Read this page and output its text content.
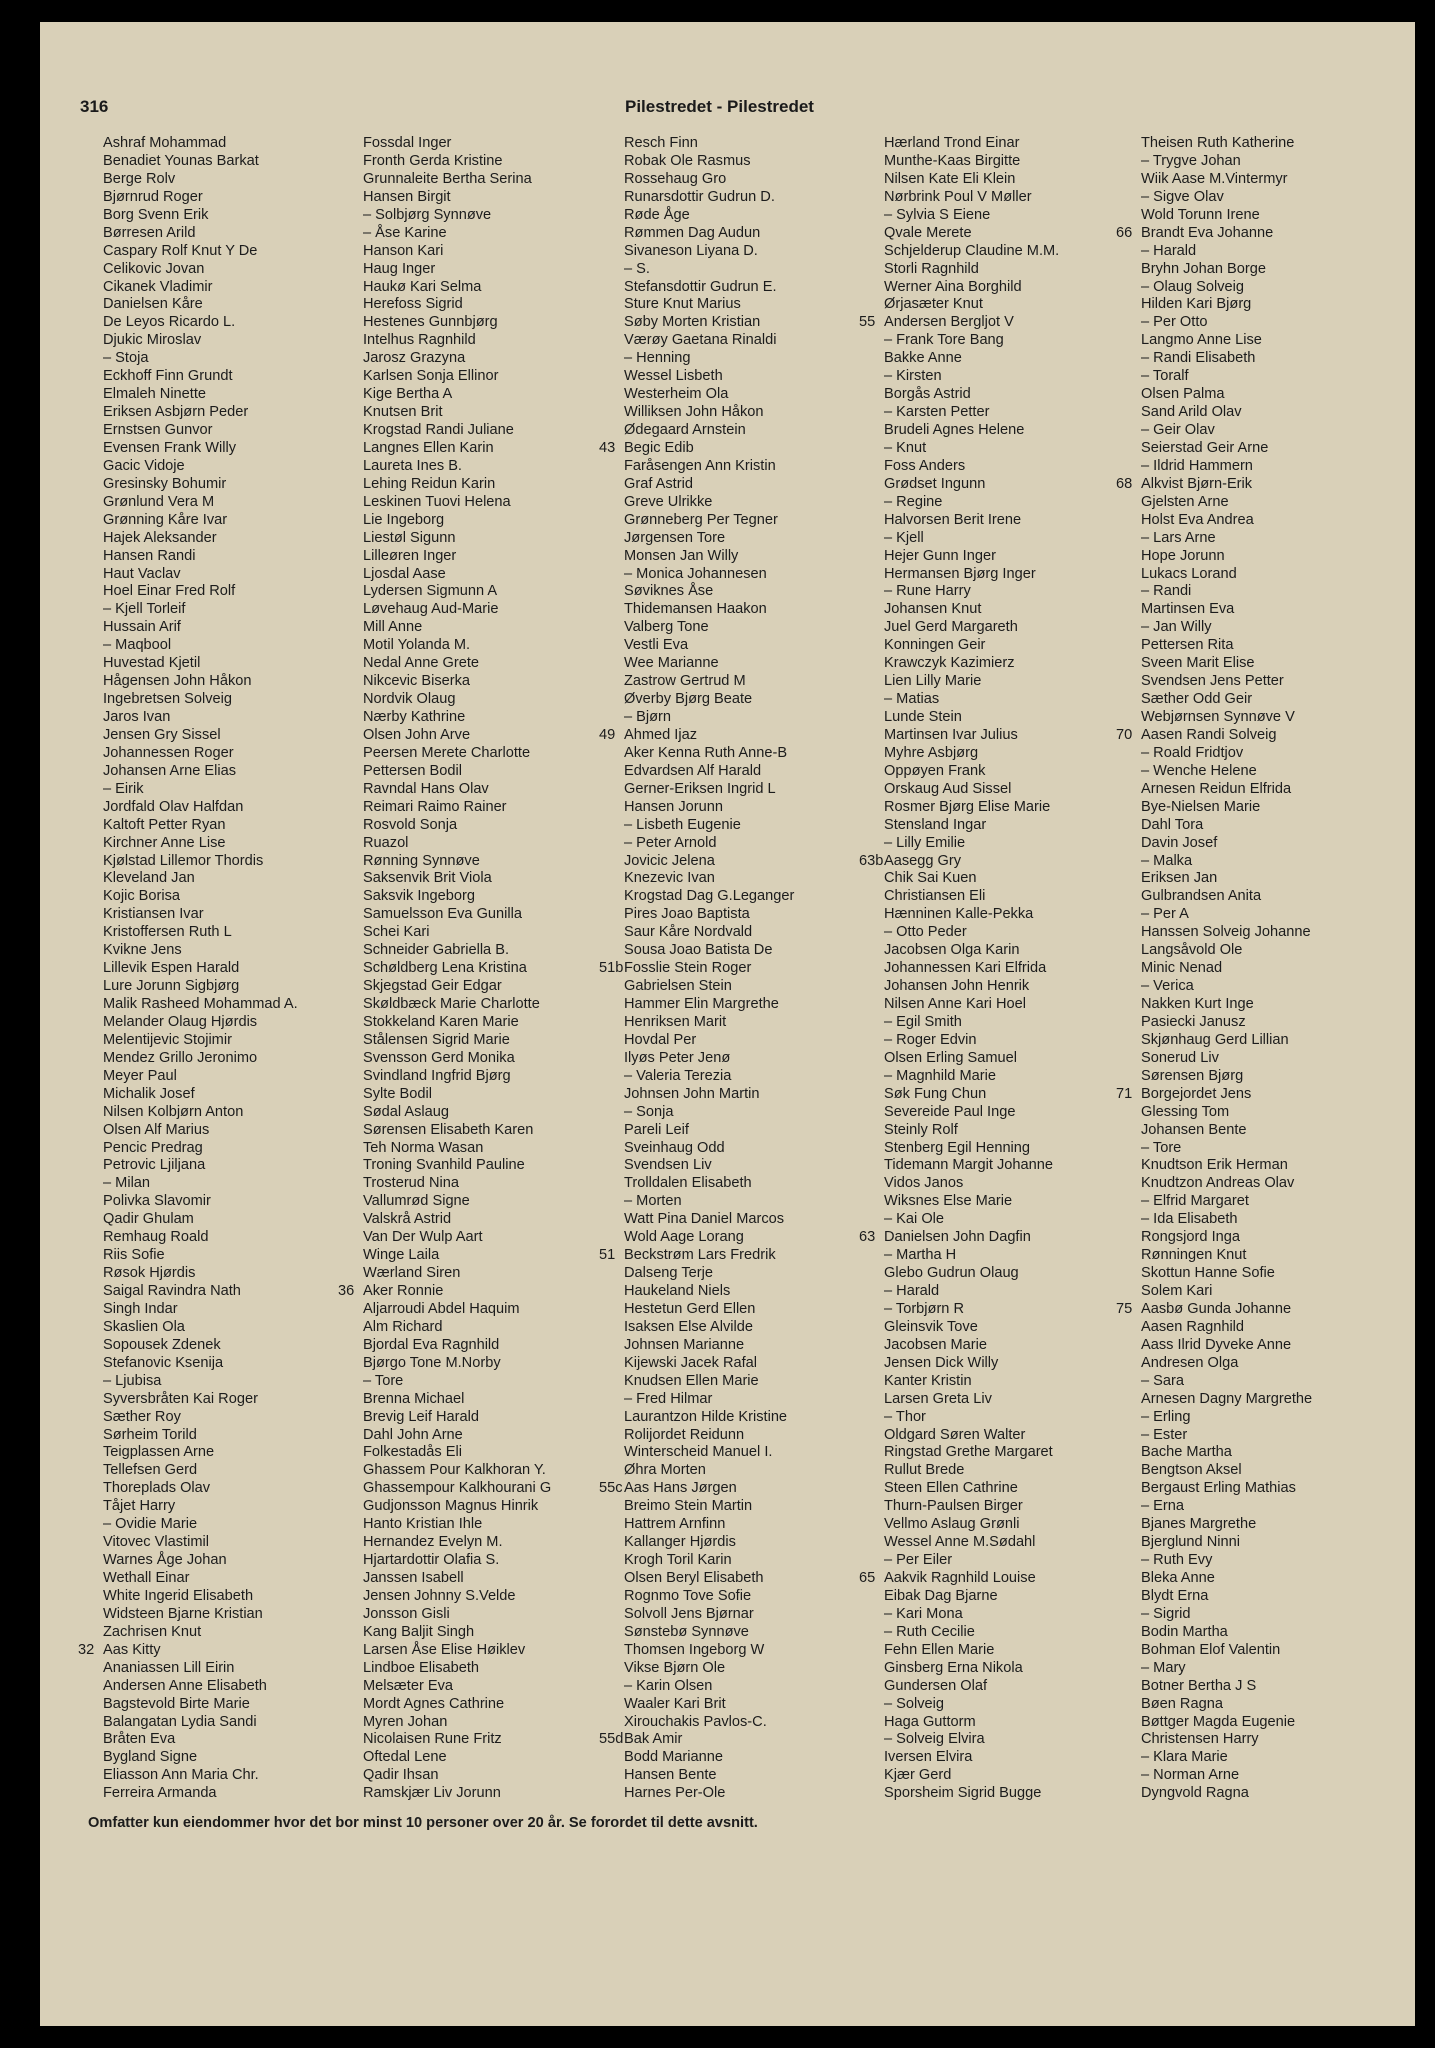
316	Pilestredet - Pilestredet
Ashraf Mohammad
Benadiet Younas Barkat
Berge Rolv
Bjørnrud Roger
Borg Svenn Erik
Børresen Arild
Caspary Rolf Knut Y De
Celikovic Jovan
Cikanek Vladimir
Danielsen Kåre
De Leyos Ricardo L.
Djukic Miroslav
– Stoja
Eckhoff Finn Grundt
Elmaleh Ninette
Eriksen Asbjørn Peder
Ernstsen Gunvor
Evensen Frank Willy
Gacic Vidoje
Gresinsky Bohumir
Grønlund Vera M
Grønning Kåre Ivar
Hajek Aleksander
Hansen Randi
Haut Vaclav
Hoel Einar Fred Rolf
– Kjell Torleif
Hussain Arif
– Maqbool
Huvestad Kjetil
Hågensen John Håkon
Ingebretsen Solveig
Jaros Ivan
Jensen Gry Sissel
Johannessen Roger
Johansen Arne Elias
– Eirik
Jordfald Olav Halfdan
Kaltoft Petter Ryan
Kirchner Anne Lise
Kjølstad Lillemor Thordis
Kleveland Jan
Kojic Borisa
Kristiansen Ivar
Kristoffersen Ruth L
Kvikne Jens
Lillevik Espen Harald
Lure Jorunn Sigbjørg
Malik Rasheed Mohammad A.
Melander Olaug Hjørdis
Melentijevic Stojimir
Mendez Grillo Jeronimo
Meyer Paul
Michalik Josef
Nilsen Kolbjørn Anton
Olsen Alf Marius
Pencic Predrag
Petrovic Ljiljana
– Milan
Polivka Slavomir
Qadir Ghulam
Remhaug Roald
Riis Sofie
Røsok Hjørdis
Saigal Ravindra Nath
Singh Indar
Skaslien Ola
Sopousek Zdenek
Stefanovic Ksenija
– Ljubisa
Syversbråten Kai Roger
Sæther Roy
Sørheim Torild
Teigplassen Arne
Tellefsen Gerd
Thoreplads Olav
Tåjet Harry
– Ovidie Marie
Vitovec Vlastimil
Warnes Åge Johan
Wethall Einar
White Ingerid Elisabeth
Widsteen Bjarne Kristian
Zachrisen Knut
32 Aas Kitty
Ananiassen Lill Eirin
Andersen Anne Elisabeth
Bagstevold Birte Marie
Balangatan Lydia Sandi
Bråten Eva
Bygland Signe
Eliasson Ann Maria Chr.
Ferreira Armanda
Fossdal Inger
Fronth Gerda Kristine
Grunnaleite Bertha Serina
Hansen Birgit
– Solbjørg Synnøve
– Åse Karine
Hanson Kari
Haug Inger
Haukø Kari Selma
Herefoss Sigrid
Hestenes Gunnbjørg
Intelhus Ragnhild
Jarosz Grazyna
Karlsen Sonja Ellinor
Kige Bertha A
Knutsen Brit
Krogstad Randi Juliane
Langnes Ellen Karin
Laureta Ines B.
Lehing Reidun Karin
Leskinen Tuovi Helena
Lie Ingeborg
Liestøl Sigunn
Lilleøren Inger
Ljosdal Aase
Lydersen Sigmunn A
Løvehaug Aud-Marie
Mill Anne
Motil Yolanda M.
Nedal Anne Grete
Nikcevic Biserka
Nordvik Olaug
Nærby Kathrine
Olsen John Arve
Peersen Merete Charlotte
Pettersen Bodil
Ravndal Hans Olav
Reimari Raimo Rainer
Rosvold Sonja
Ruazol
Rønning Synnøve
Saksenvik Brit Viola
Saksvik Ingeborg
Samuelsson Eva Gunilla
Schei Kari
Schneider Gabriella B.
Schøldberg Lena Kristina
Skjegstad Geir Edgar
Skøldbæck Marie Charlotte
Stokkeland Karen Marie
Stålensen Sigrid Marie
Svensson Gerd Monika
Svindland Ingfrid Bjørg
Sylte Bodil
Sødal Aslaug
Sørensen Elisabeth Karen
Teh Norma Wasan
Troning Svanhild Pauline
Trosterud Nina
Vallumrød Signe
Valskrå Astrid
Van Der Wulp Aart
Winge Laila
Wærland Siren
36 Aker Ronnie
Aljarroudi Abdel Haquim
Alm Richard
Bjordal Eva Ragnhild
Bjørgo Tone M.Norby
– Tore
Brenna Michael
Brevig Leif Harald
Dahl John Arne
Folkestadås Eli
Ghassem Pour Kalkhoran Y.
Ghassempour Kalkhourani G
Gudjonsson Magnus Hinrik
Hanto Kristian Ihle
Hernandez Evelyn M.
Hjartardottir Olafia S.
Janssen Isabell
Jensen Johnny S.Velde
Jonsson Gisli
Kang Baljit Singh
Larsen Åse Elise Høiklev
Lindboe Elisabeth
Melsæter Eva
Mordt Agnes Cathrine
Myren Johan
Nicolaisen Rune Fritz
Oftedal Lene
Qadir Ihsan
Ramskjær Liv Jorunn
Resch Finn
Robak Ole Rasmus
Rossehaug Gro
Runarsdottir Gudrun D.
Røde Åge
Rømmen Dag Audun
Sivaneson Liyana D.
– S.
Stefansdottir Gudrun E.
Sture Knut Marius
Søby Morten Kristian
Værøy Gaetana Rinaldi
– Henning
Wessel Lisbeth
Westerheim Ola
Williksen John Håkon
Ødegaard Arnstein
43 Begic Edib
Faråsengen Ann Kristin
Graf Astrid
Greve Ulrikke
Grønneberg Per Tegner
Jørgensen Tore
Monsen Jan Willy
– Monica Johannesen
Søviknes Åse
Thidemansen Haakon
Valberg Tone
Vestli Eva
Wee Marianne
Zastrow Gertrud M
Øverby Bjørg Beate
– Bjørn
49 Ahmed Ijaz
Aker Kenna Ruth Anne-B
Edvardsen Alf Harald
Gerner-Eriksen Ingrid L
Hansen Jorunn
– Lisbeth Eugenie
– Peter Arnold
Jovicic Jelena
Knezevic Ivan
Krogstad Dag G.Leganger
Pires Joao Baptista
Saur Kåre Nordvald
Sousa Joao Batista De
51b Fosslie Stein Roger
Gabrielsen Stein
Hammer Elin Margrethe
Henriksen Marit
Hovdal Per
Ilyøs Peter Jenø
– Valeria Terezia
Johnsen John Martin
– Sonja
Pareli Leif
Sveinhaug Odd
Svendsen Liv
Trolldalen Elisabeth
– Morten
Watt Pina Daniel Marcos
Wold Aage Lorang
51 Beckstrøm Lars Fredrik
Dalseng Terje
Haukeland Niels
Hestetun Gerd Ellen
Isaksen Else Alvilde
Johnsen Marianne
Kijewski Jacek Rafal
Knudsen Ellen Marie
– Fred Hilmar
Laurantzon Hilde Kristine
Rolijordet Reidunn
Winterscheid Manuel I.
Øhra Morten
55c Aas Hans Jørgen
Breimo Stein Martin
Hattrem Arnfinn
Kallanger Hjørdis
Krogh Toril Karin
Olsen Beryl Elisabeth
Rognmo Tove Sofie
Solvoll Jens Bjørnar
Sønstebø Synnøve
Thomsen Ingeborg W
Vikse Bjørn Ole
– Karin Olsen
Waaler Kari Brit
Xirouchakis Pavlos-C.
55d Bak Amir
Bodd Marianne
Hansen Bente
Harnes Per-Ole
Hærland Trond Einar
Munthe-Kaas Birgitte
Nilsen Kate Eli Klein
Nørbrink Poul V Møller
– Sylvia S Eiene
Qvale Merete
Schjelderup Claudine M.M.
Storli Ragnhild
Werner Aina Borghild
Ørjasæter Knut
55 Andersen Bergljot V
– Frank Tore Bang
Bakke Anne
– Kirsten
Borgås Astrid
– Karsten Petter
Brudeli Agnes Helene
– Knut
Foss Anders
Grødset Ingunn
– Regine
Halvorsen Berit Irene
– Kjell
Hejer Gunn Inger
Hermansen Bjørg Inger
– Rune Harry
Johansen Knut
Juel Gerd Margareth
Konningen Geir
Krawczyk Kazimierz
Lien Lilly Marie
– Matias
Lunde Stein
Martinsen Ivar Julius
Myhre Asbjørg
Oppøyen Frank
Orskaug Aud Sissel
Rosmer Bjørg Elise Marie
Stensland Ingar
– Lilly Emilie
63b Aasegg Gry
Chik Sai Kuen
Christiansen Eli
Hænninen Kalle-Pekka
– Otto Peder
Jacobsen Olga Karin
Johannessen Kari Elfrida
Johansen John Henrik
Nilsen Anne Kari Hoel
– Egil Smith
– Roger Edvin
Olsen Erling Samuel
– Magnhild Marie
Søk Fung Chun
Severeide Paul Inge
Steinly Rolf
Stenberg Egil Henning
Tidemann Margit Johanne
Vidos Janos
Wiksnes Else Marie
– Kai Ole
63 Danielsen John Dagfin
– Martha H
Glebo Gudrun Olaug
– Harald
– Torbjørn R
Gleinsvik Tove
Jacobsen Marie
Jensen Dick Willy
Kanter Kristin
Larsen Greta Liv
– Thor
Oldgard Søren Walter
Ringstad Grethe Margaret
Rullut Brede
Steen Ellen Cathrine
Thurn-Paulsen Birger
Vellmo Aslaug Grønli
Wessel Anne M.Sødahl
– Per Eiler
65 Aakvik Ragnhild Louise
Eibak Dag Bjarne
– Kari Mona
– Ruth Cecilie
Fehn Ellen Marie
Ginsberg Erna Nikola
Gundersen Olaf
– Solveig
Haga Guttorm
– Solveig Elvira
Iversen Elvira
Kjær Gerd
Sporsheim Sigrid Bugge
Theisen Ruth Katherine
– Trygve Johan
Wiik Aase M.Vintermyr
– Sigve Olav
Wold Torunn Irene
66 Brandt Eva Johanne
– Harald
Bryhn Johan Borge
– Olaug Solveig
Hilden Kari Bjørg
– Per Otto
Langmo Anne Lise
– Randi Elisabeth
– Toralf
Olsen Palma
Sand Arild Olav
– Geir Olav
Seierstad Geir Arne
– Ildrid Hammern
68 Alkvist Bjørn-Erik
Gjelsten Arne
Holst Eva Andrea
– Lars Arne
Hope Jorunn
Lukacs Lorand
– Randi
Martinsen Eva
– Jan Willy
Pettersen Rita
Sveen Marit Elise
Svendsen Jens Petter
Sæther Odd Geir
Webjørnsen Synnøve V
70 Aasen Randi Solveig
– Roald Fridtjov
– Wenche Helene
Arnesen Reidun Elfrida
Bye-Nielsen Marie
Dahl Tora
Davin Josef
– Malka
Eriksen Jan
Gulbrandsen Anita
– Per A
Hanssen Solveig Johanne
Langsåvold Ole
Minic Nenad
– Verica
Nakken Kurt Inge
Pasiecki Janusz
Skjønhaug Gerd Lillian
Sonerud Liv
Sørensen Bjørg
71 Borgejordet Jens
Glessing Tom
Johansen Bente
– Tore
Knudtson Erik Herman
Knudtzon Andreas Olav
– Elfrid Margaret
– Ida Elisabeth
Rongsjord Inga
Rønningen Knut
Skottun Hanne Sofie
Solem Kari
75 Aasbø Gunda Johanne
Aasen Ragnhild
Aass Ilrid Dyveke Anne
Andresen Olga
– Sara
Arnesen Dagny Margrethe
– Erling
– Ester
Bache Martha
Bengtson Aksel
Bergaust Erling Mathias
– Erna
Bjanes Margrethe
Bjerglund Ninni
– Ruth Evy
Bleka Anne
Blydt Erna
– Sigrid
Bodin Martha
Bohman Elof Valentin
– Mary
Botner Bertha J S
Bøen Ragna
Bøttger Magda Eugenie
Christensen Harry
– Klara Marie
– Norman Arne
Dyngvold Ragna
Omfatter kun eiendommer hvor det bor minst 10 personer over 20 år. Se forordet til dette avsnitt.
